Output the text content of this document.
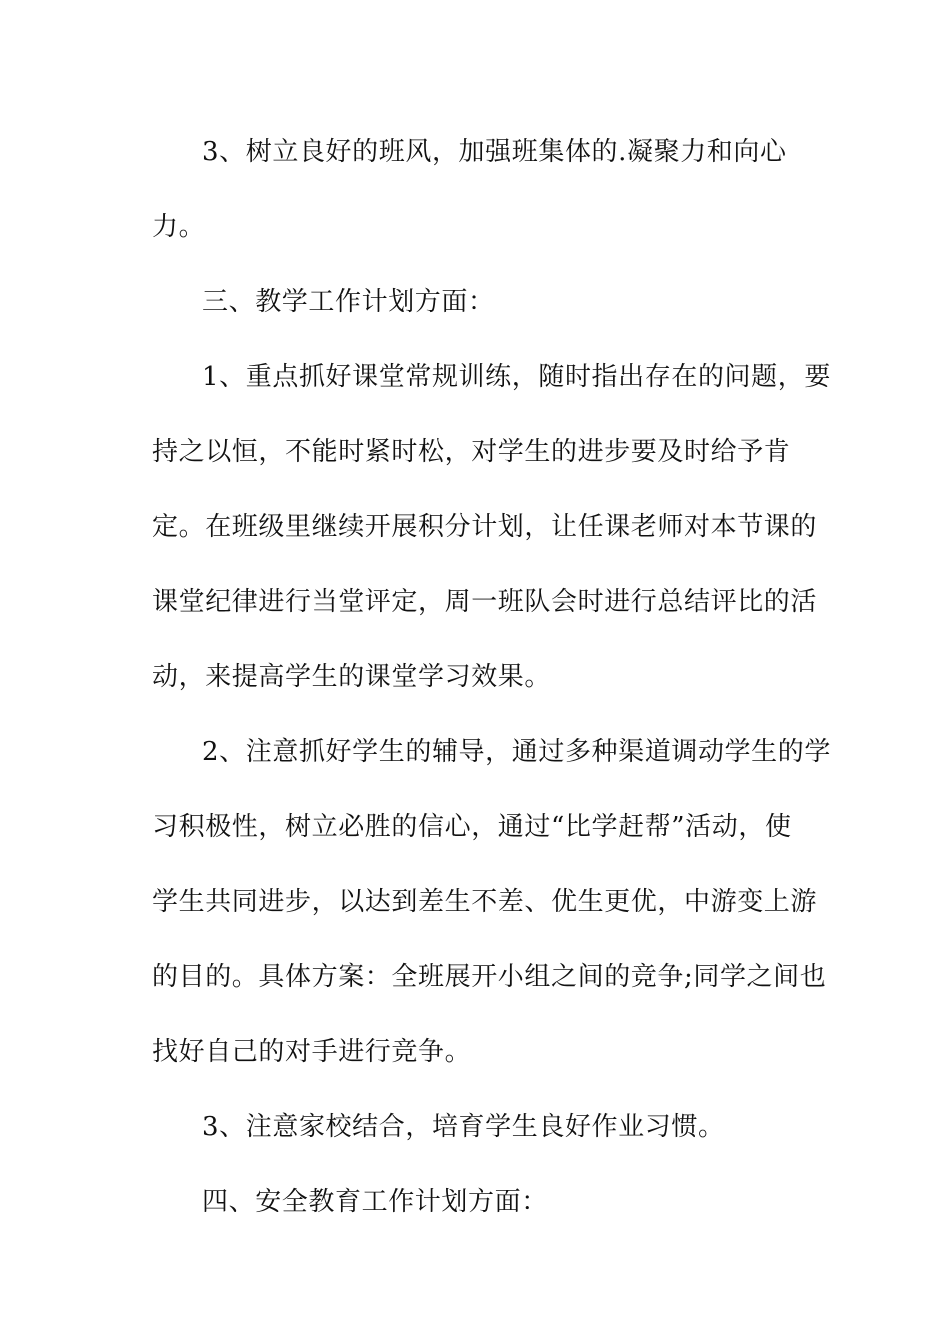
3、树立良好的班风，加强班集体的.凝聚力和向心

力。

三、教学工作计划方面：

1、重点抓好课堂常规训练，随时指出存在的问题，要

持之以恒，不能时紧时松，对学生的进步要及时给予肯

定。在班级里继续开展积分计划，让任课老师对本节课的

课堂纪律进行当堂评定，周一班队会时进行总结评比的活

动，来提高学生的课堂学习效果。

2、注意抓好学生的辅导，通过多种渠道调动学生的学

习积极性，树立必胜的信心，通过“比学赶帮”活动，使

学生共同进步，以达到差生不差、优生更优，中游变上游

的目的。具体方案：全班展开小组之间的竞争;同学之间也

找好自己的对手进行竞争。

3、注意家校结合，培育学生良好作业习惯。

四、安全教育工作计划方面：
